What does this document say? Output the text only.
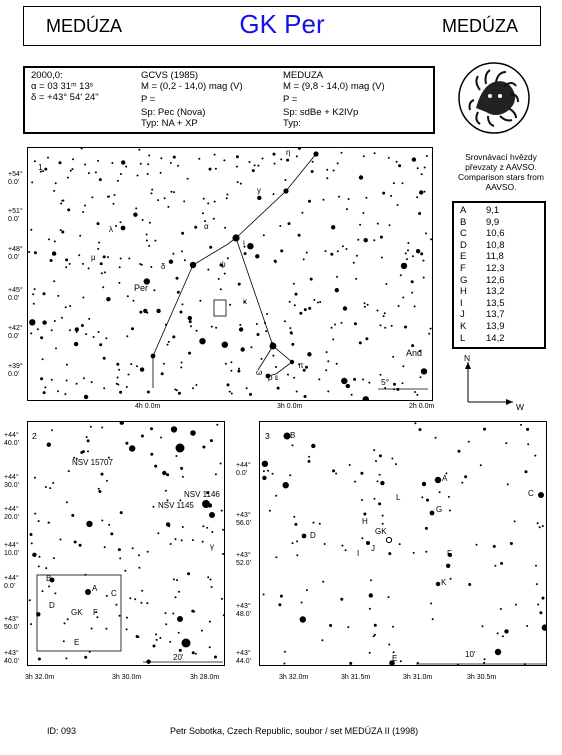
MEDÚZA	GK Per	MEDÚZA
2000,0:
α = 03 31ᵐ 13ˢ
δ = +43° 54' 24"
GCVS (1985)
M = (0,2 - 14,0) mag (V)
P =
Sp: Pec (Nova)
Typ: NA + XP
MEDUZA
M = (9,8 - 14,0) mag (V)
P =
Sp: sdBe + K2IVp
Typ:
Srovnávací hvězdy
převzaty z AAVSO.
Comparison stars from
AAVSO.
A 9,1
B 9,9
C 10,6
D 10,8
E 11,8
F 12,3
G 12,6
H 13,2
I 13,5
J 13,7
K 13,9
L 14,2
N
W
1
Per
And
5°
η
γ
λ	α
ι
μ
δ	ψ
κ
β
ρ
π
ω
ε
+54°
0.0'
+51°
0.0'
+48°
0.0'
+45°
0.0'
+42°
0.0'
+39°
0.0'
4h 0.0m	3h 0.0m	2h 0.0m
2
NSV 15707
NSV 1146
NSV 1145
γ
B
A
C
D
GK F
E
20'
+44°
40.0'
+44°
30.0'
+44°
20.0'
+44°
10.0'
+44°
0.0'
+43°
50.0'
+43°
40.0'
3h 32.0m	3h 30.0m	3h 28.0m
3	B
A
C
L
G
H
D	GK
I
J
F
K
E	10'
+44°
0.0'
+43°
56.0'
+43°
52.0'
+43°
48.0'
+43°
44.0'
3h 32.0m	3h 31.5m	3h 31.0m	3h 30.5m
ID: 093	Petr Sobotka, Czech Republic, soubor / set MEDÚZA II (1998)
